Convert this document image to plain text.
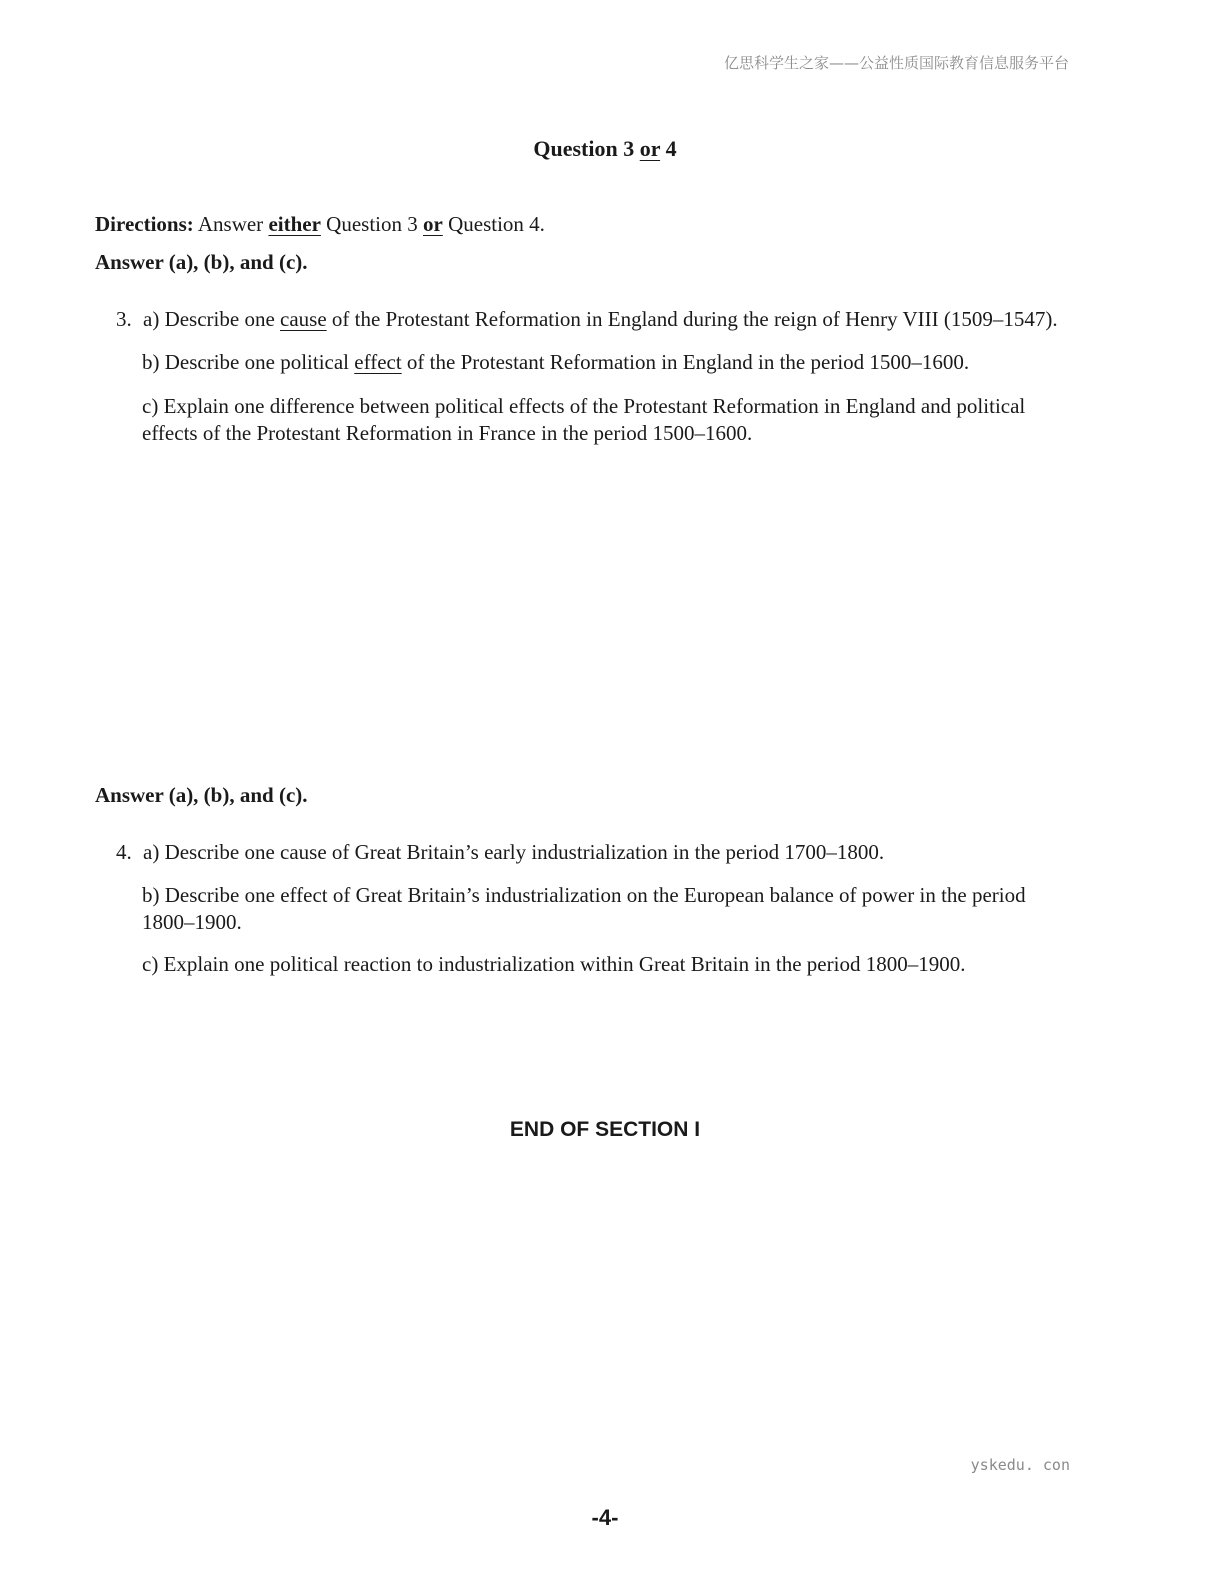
亿思科学生之家——公益性质国际教育信息服务平台
Question 3 or 4
Directions: Answer either Question 3 or Question 4.
Answer (a), (b), and (c).
3. a) Describe one cause of the Protestant Reformation in England during the reign of Henry VIII (1509–1547).
b) Describe one political effect of the Protestant Reformation in England in the period 1500–1600.
c) Explain one difference between political effects of the Protestant Reformation in England and political effects of the Protestant Reformation in France in the period 1500–1600.
Answer (a), (b), and (c).
4. a) Describe one cause of Great Britain’s early industrialization in the period 1700–1800.
b) Describe one effect of Great Britain’s industrialization on the European balance of power in the period 1800–1900.
c) Explain one political reaction to industrialization within Great Britain in the period 1800–1900.
END OF SECTION I
yskedu. con
-4-
